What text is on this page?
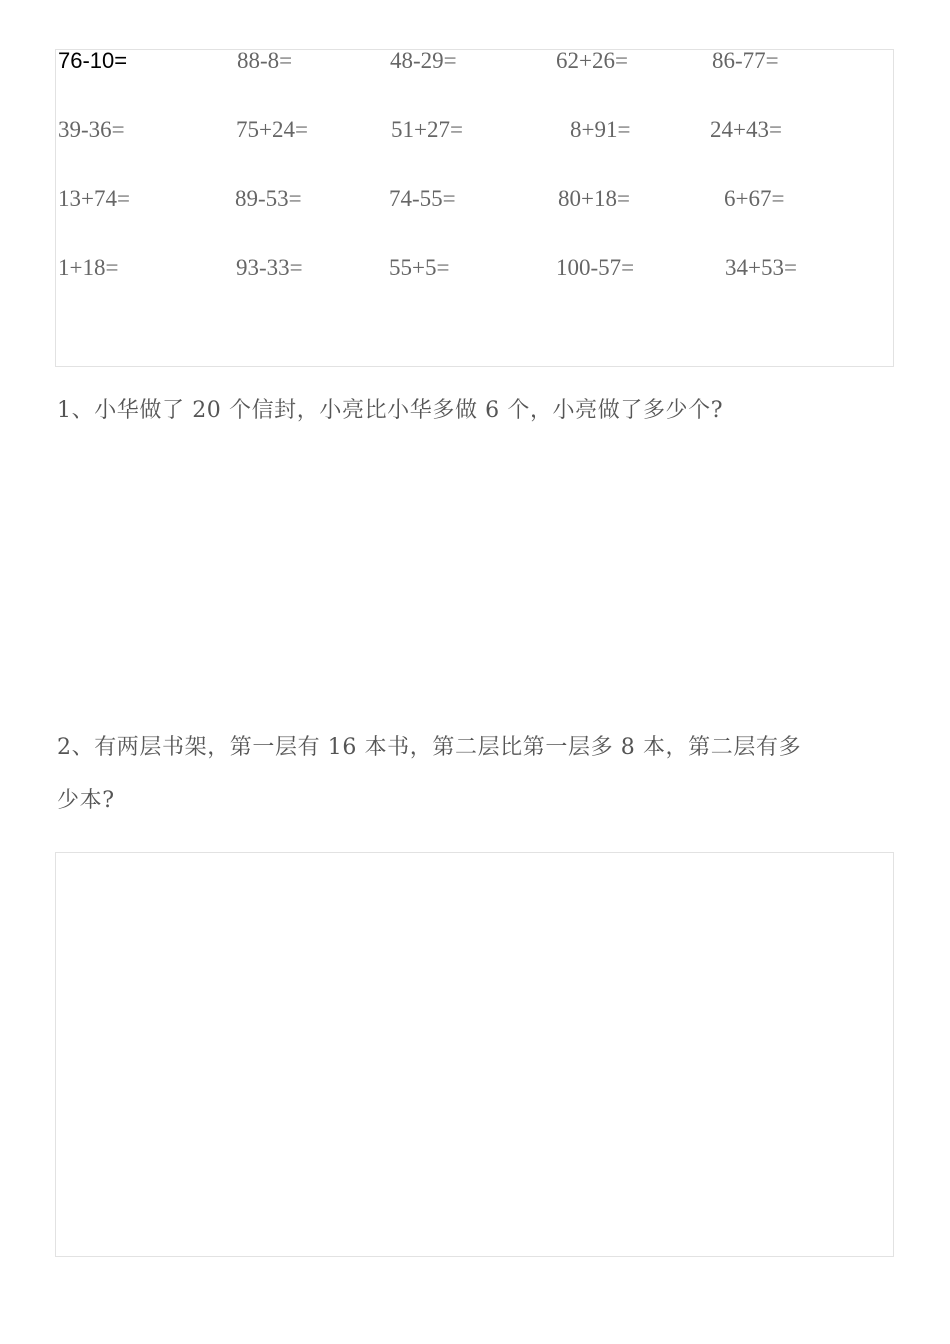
76-10=	88-8=	48-29=	62+26=	86-77=
39-36=	75+24=	51+27=	8+91=	24+43=
13+74=	89-53=	74-55=	80+18=	6+67=
1+18=	93-33=	55+5=	100-57=	34+53=
1、小华做了 20 个信封，小亮比小华多做 6 个，小亮做了多少个?
2、有两层书架，第一层有 16 本书，第二层比第一层多 8 本，第二层有多
少本?
